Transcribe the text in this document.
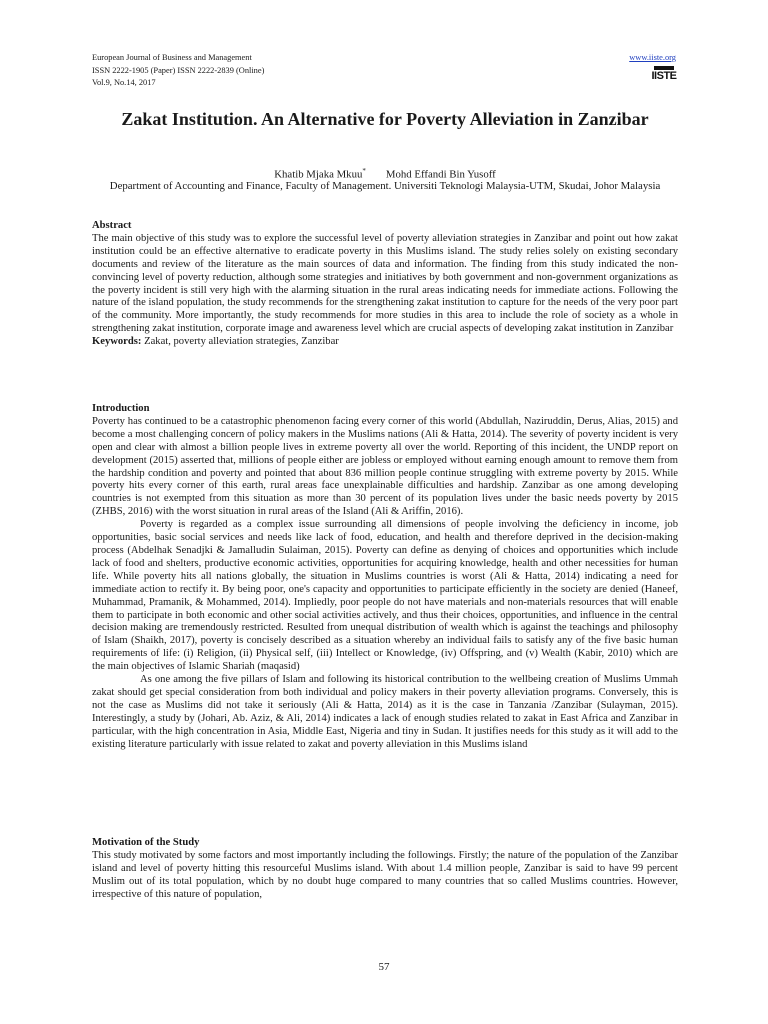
European Journal of Business and Management
ISSN 2222-1905 (Paper) ISSN 2222-2839 (Online)
Vol.9, No.14, 2017
www.iiste.org
IISTE
Zakat Institution. An Alternative for Poverty Alleviation in Zanzibar
Khatib Mjaka Mkuu* Mohd Effandi Bin Yusoff
Department of Accounting and Finance, Faculty of Management. Universiti Teknologi Malaysia-UTM, Skudai, Johor Malaysia

Abstract

The main objective of this study was to explore the successful level of poverty alleviation strategies in Zanzibar and point out how zakat institution could be an effective alternative to eradicate poverty in this Muslims island. The study relies solely on existing secondary documents and review of the literature as the main sources of data and information. The finding from this study indicated the non-convincing level of poverty reduction, although some strategies and initiatives by both government and non-government organizations as the poverty incident is still very high with the alarming situation in the rural areas indicating needs for immediate actions. Following the nature of the island population, the study recommends for the strengthening zakat institution to capture for the needs of the very poor part of the community. More importantly, the study recommends for more studies in this area to include the role of society as a whole in strengthening zakat institution, corporate image and awareness level which are crucial aspects of developing zakat institution in Zanzibar

Keywords: Zakat, poverty alleviation strategies, Zanzibar

Introduction

Poverty has continued to be a catastrophic phenomenon facing every corner of this world (Abdullah, Naziruddin, Derus, Alias, 2015) and become a most challenging concern of policy makers in the Muslims nations (Ali & Hatta, 2014). The severity of poverty incident is very open and clear with almost a billion people lives in extreme poverty all over the world. Reporting of this incident, the UNDP report on development (2015) asserted that, millions of people either are jobless or employed without earning enough amount to remove them from the hardship condition and poverty and pointed that about 836 million people continue struggling with extreme poverty by 2015. While poverty hits every corner of this earth, rural areas face unexplainable difficulties and hardship. Zanzibar as one among developing countries is not exempted from this situation as more than 30 percent of its population lives under the basic needs poverty by 2015 (ZHBS, 2016) with the worst situation in rural areas of the Island (Ali & Ariffin, 2016).

Poverty is regarded as a complex issue surrounding all dimensions of people involving the deficiency in income, job opportunities, basic social services and needs like lack of food, education, and health and therefore deprived in the decision-making process (Abdelhak Senadjki & Jamalludin Sulaiman, 2015). Poverty can define as denying of choices and opportunities which include lack of food and shelters, productive economic activities, opportunities for acquiring knowledge, health and other necessities for human life. While poverty hits all nations globally, the situation in Muslims countries is worst (Ali & Hatta, 2014) indicating a need for immediate action to rectify it. By being poor, one's capacity and opportunities to participate efficiently in the society are denied (Haneef, Muhammad, Pramanik, & Mohammed, 2014). Impliedly, poor people do not have materials and non-materials resources that will enable them to participate in both economic and other social activities actively, and thus their choices, opportunities, and influence in the central decision making are tremendously restricted. Resulted from unequal distribution of wealth which is against the teachings and philosophy of Islam (Shaikh, 2017), poverty is concisely described as a situation whereby an individual fails to satisfy any of the five basic human requirements of life: (i) Religion, (ii) Physical self, (iii) Intellect or Knowledge, (iv) Offspring, and (v) Wealth (Kabir, 2010) which are the main objectives of Islamic Shariah (maqasid)

As one among the five pillars of Islam and following its historical contribution to the wellbeing creation of Muslims Ummah zakat should get special consideration from both individual and policy makers in their poverty alleviation programs. Conversely, this is not the case as Muslims did not take it seriously (Ali & Hatta, 2014) as it is the case in Tanzania /Zanzibar (Sulayman, 2015). Interestingly, a study by (Johari, Ab. Aziz, & Ali, 2014) indicates a lack of enough studies related to zakat in East Africa and Zanzibar in particular, with the high concentration in Asia, Middle East, Nigeria and tiny in Sudan. It justifies needs for this study as it will add to the existing literature particularly with issue related to zakat and poverty alleviation in this Muslims island

Motivation of the Study

This study motivated by some factors and most importantly including the followings. Firstly; the nature of the population of the Zanzibar island and level of poverty hitting this resourceful Muslims island. With about 1.4 million people, Zanzibar is said to have 99 percent Muslim out of its total population, which by no doubt huge compared to many countries that so called Muslims countries. However, irrespective of this nature of population,

57
